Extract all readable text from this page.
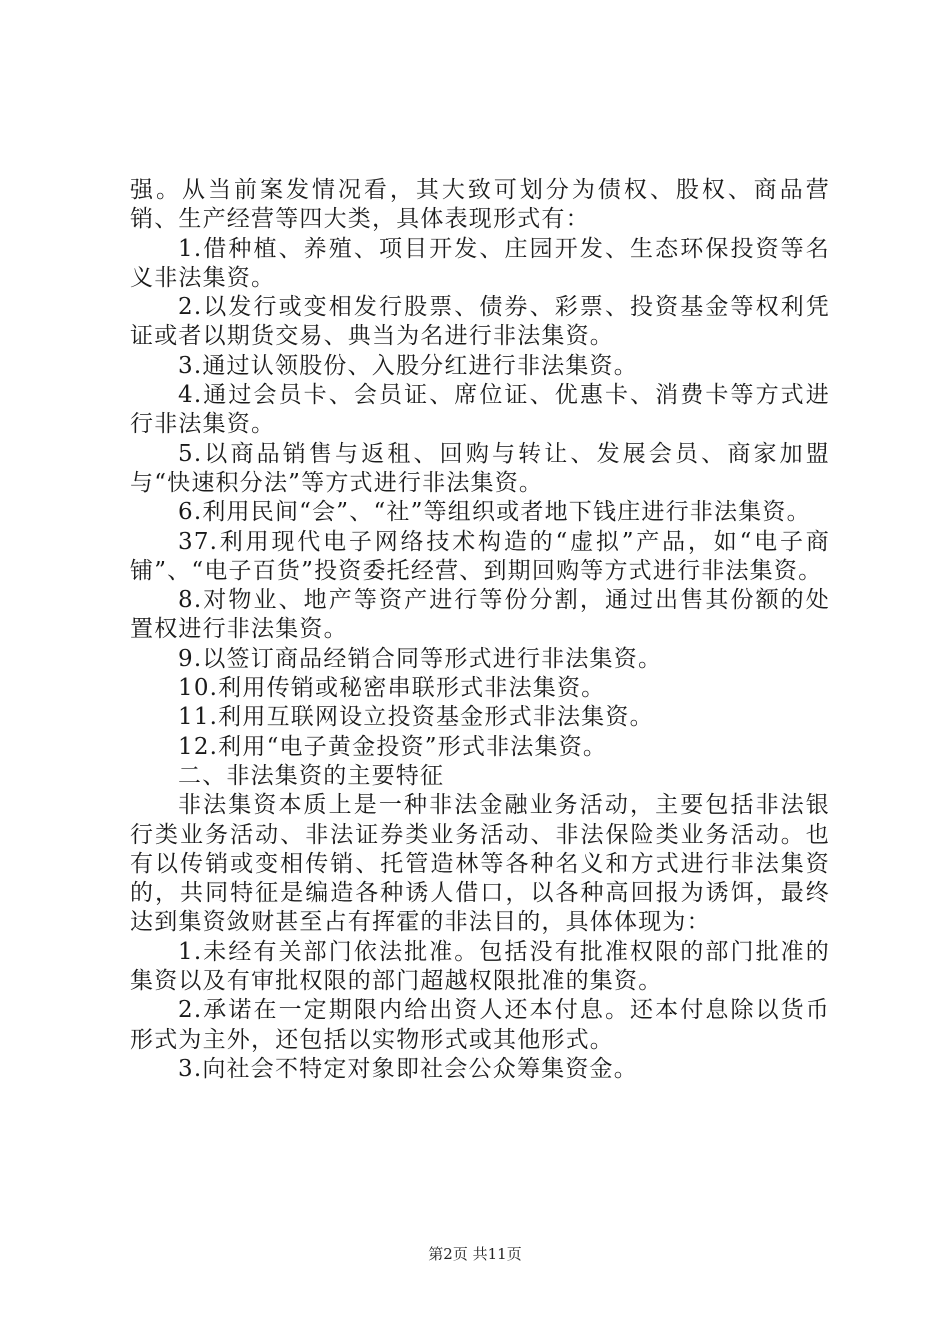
强。从当前案发情况看，其大致可划分为债权、股权、商品营销、生产经营等四大类，具体表现形式有：

1.借种植、养殖、项目开发、庄园开发、生态环保投资等名义非法集资。

2.以发行或变相发行股票、债券、彩票、投资基金等权利凭证或者以期货交易、典当为名进行非法集资。

3.通过认领股份、入股分红进行非法集资。

4.通过会员卡、会员证、席位证、优惠卡、消费卡等方式进行非法集资。

5.以商品销售与返租、回购与转让、发展会员、商家加盟与“快速积分法”等方式进行非法集资。

6.利用民间“会”、“社”等组织或者地下钱庄进行非法集资。

37.利用现代电子网络技术构造的“虚拟”产品，如“电子商铺”、“电子百货”投资委托经营、到期回购等方式进行非法集资。

8.对物业、地产等资产进行等份分割，通过出售其份额的处置权进行非法集资。

9.以签订商品经销合同等形式进行非法集资。

10.利用传销或秘密串联形式非法集资。

11.利用互联网设立投资基金形式非法集资。

12.利用“电子黄金投资”形式非法集资。

二、非法集资的主要特征

非法集资本质上是一种非法金融业务活动，主要包括非法银行类业务活动、非法证券类业务活动、非法保险类业务活动。也有以传销或变相传销、托管造林等各种名义和方式进行非法集资的，共同特征是编造各种诱人借口，以各种高回报为诱饵，最终达到集资敛财甚至占有挥霍的非法目的，具体体现为：

1.未经有关部门依法批准。包括没有批准权限的部门批准的集资以及有审批权限的部门超越权限批准的集资。

2.承诺在一定期限内给出资人还本付息。还本付息除以货币形式为主外，还包括以实物形式或其他形式。

3.向社会不特定对象即社会公众筹集资金。

第2页 共11页
